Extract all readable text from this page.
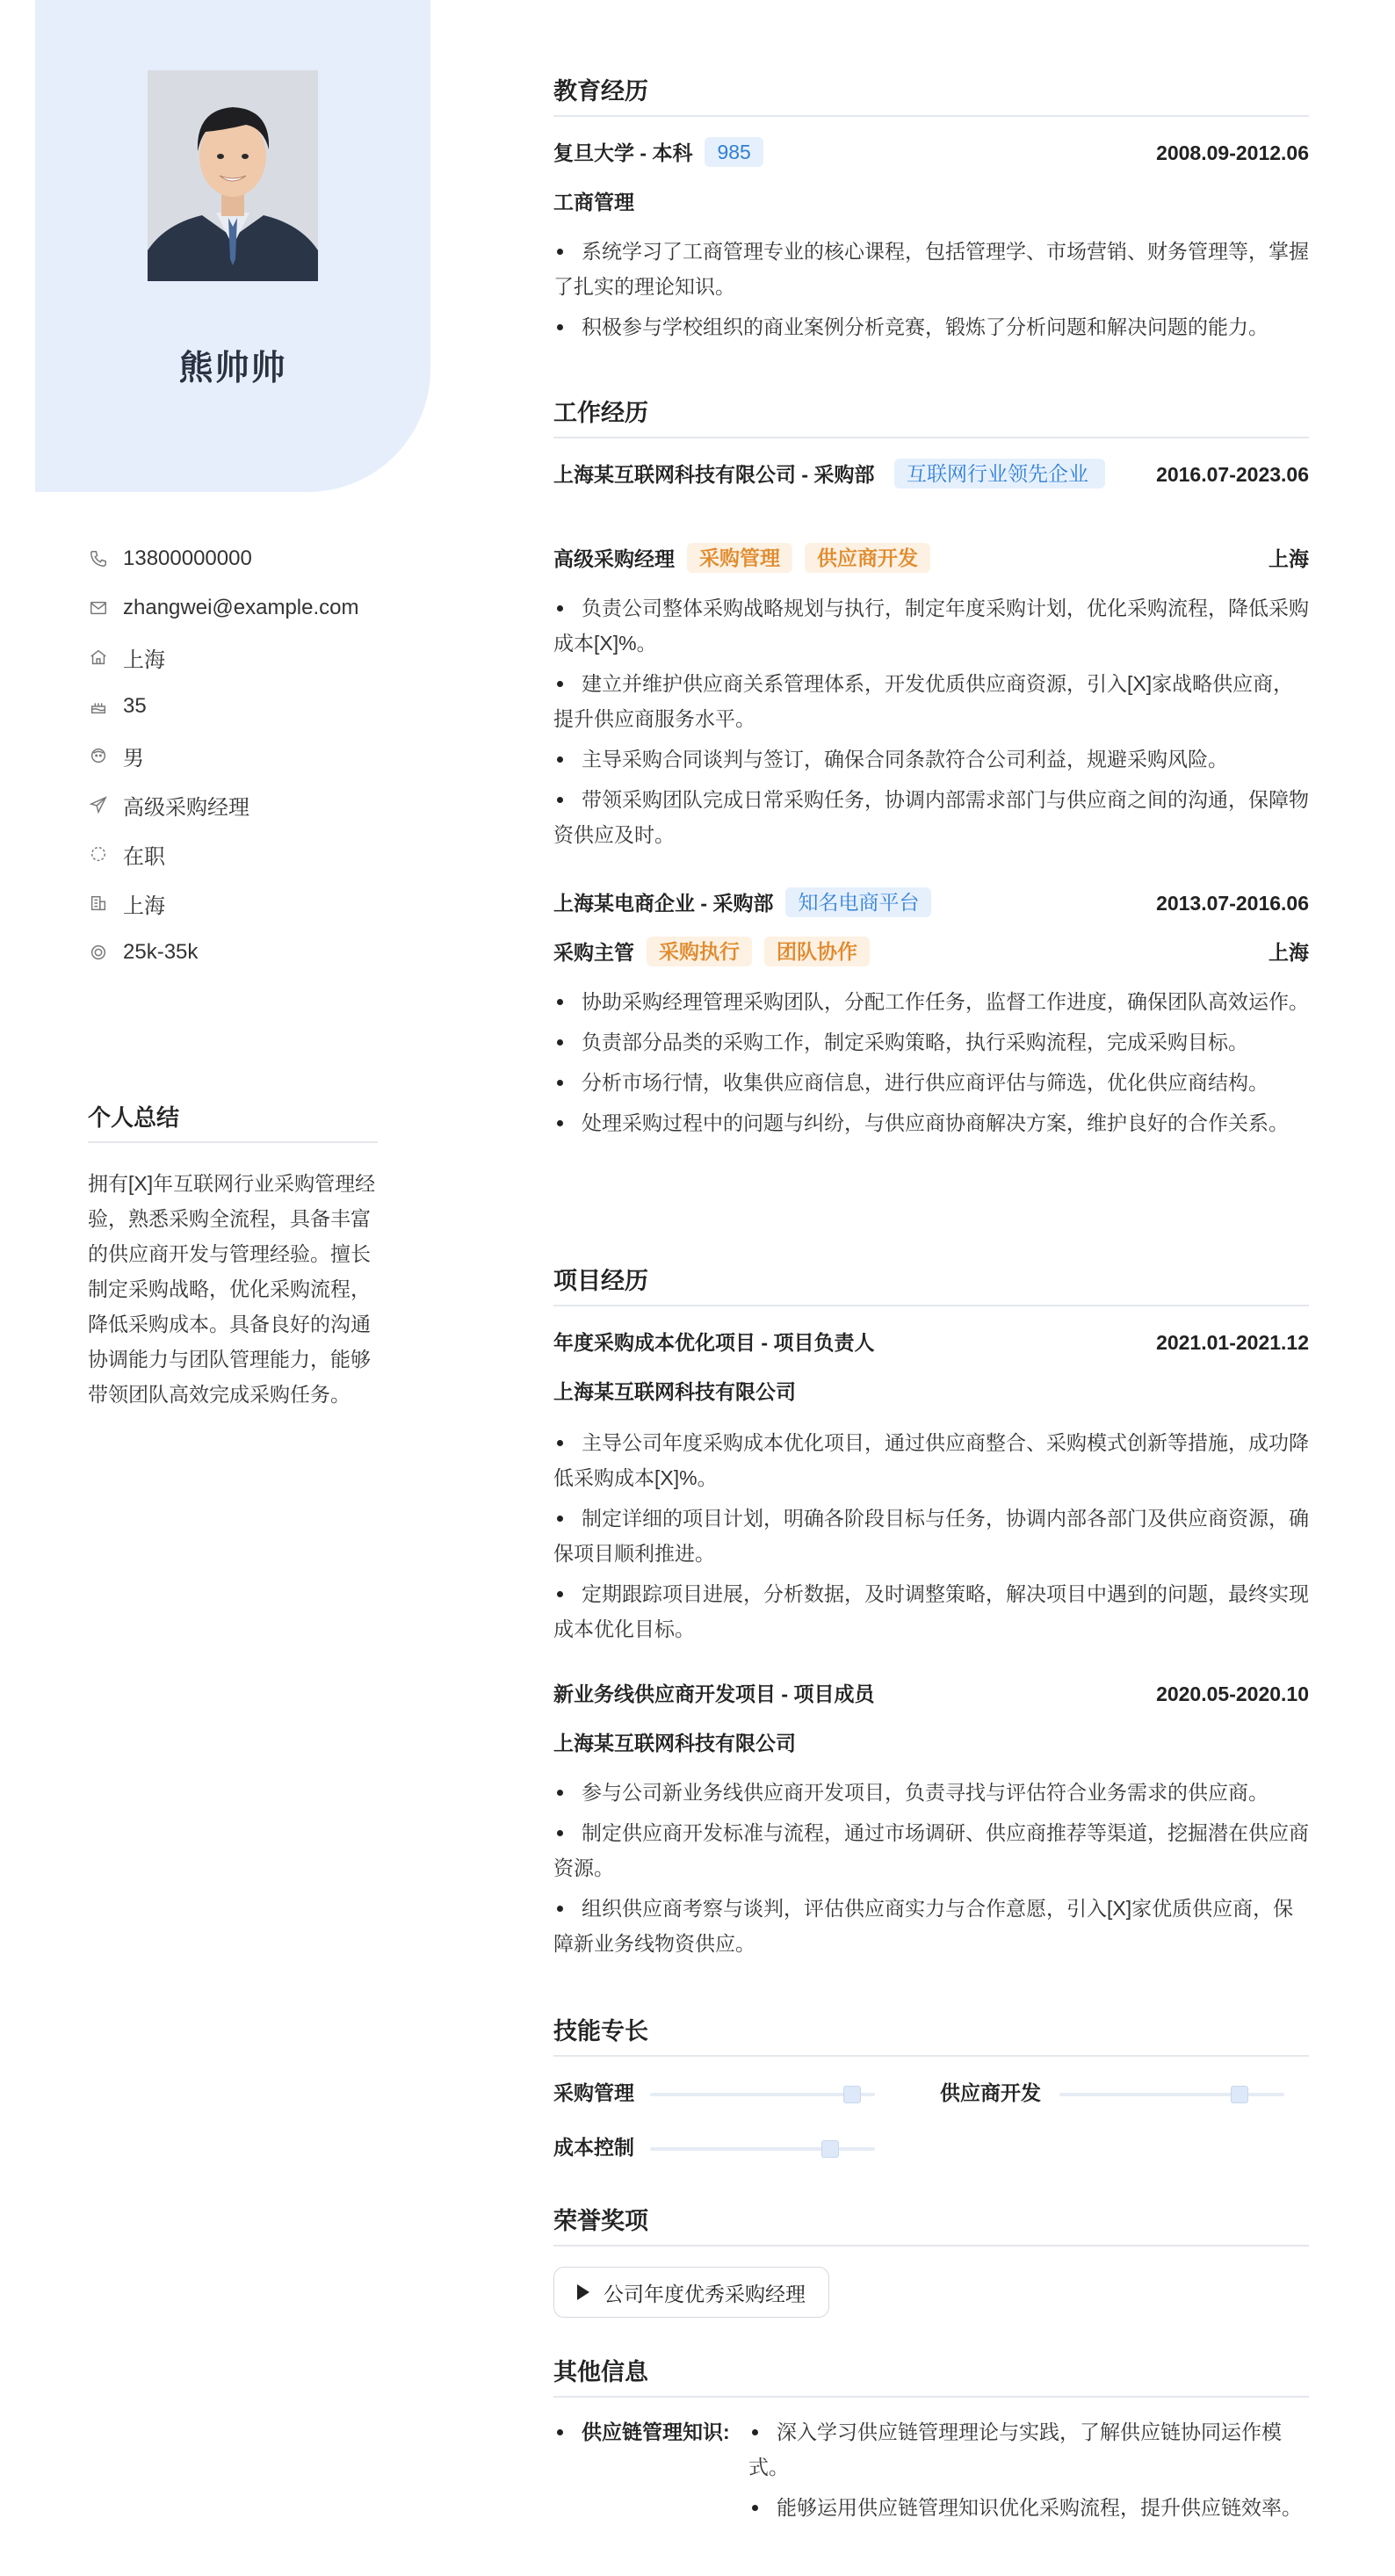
熊帅帅
13800000000
zhangwei@example.com
上海
35
男
高级采购经理
在职
上海
25k-35k
个人总结

拥有[X]年互联网行业采购管理经验，熟悉采购全流程，具备丰富的供应商开发与管理经验。擅长制定采购战略，优化采购流程，降低采购成本。具备良好的沟通协调能力与团队管理能力，能够带领团队高效完成采购任务。

教育经历
复旦大学 - 本科	985	2008.09-2012.06
工商管理
系统学习了工商管理专业的核心课程，包括管理学、市场营销、财务管理等，掌握了扎实的理论知识。
积极参与学校组织的商业案例分析竞赛，锻炼了分析问题和解决问题的能力。
工作经历
上海某互联网科技有限公司 - 采购部	互联网行业领先企业	2016.07-2023.06
高级采购经理	采购管理	供应商开发	上海
负责公司整体采购战略规划与执行，制定年度采购计划，优化采购流程，降低采购成本[X]%。
建立并维护供应商关系管理体系，开发优质供应商资源，引入[X]家战略供应商，提升供应商服务水平。
主导采购合同谈判与签订，确保合同条款符合公司利益，规避采购风险。
带领采购团队完成日常采购任务，协调内部需求部门与供应商之间的沟通，保障物资供应及时。
上海某电商企业 - 采购部	知名电商平台	2013.07-2016.06
采购主管	采购执行	团队协作	上海
协助采购经理管理采购团队，分配工作任务，监督工作进度，确保团队高效运作。
负责部分品类的采购工作，制定采购策略，执行采购流程，完成采购目标。
分析市场行情，收集供应商信息，进行供应商评估与筛选，优化供应商结构。
处理采购过程中的问题与纠纷，与供应商协商解决方案，维护良好的合作关系。
项目经历
年度采购成本优化项目 - 项目负责人	2021.01-2021.12
上海某互联网科技有限公司
主导公司年度采购成本优化项目，通过供应商整合、采购模式创新等措施，成功降低采购成本[X]%。
制定详细的项目计划，明确各阶段目标与任务，协调内部各部门及供应商资源，确保项目顺利推进。
定期跟踪项目进展，分析数据，及时调整策略，解决项目中遇到的问题，最终实现成本优化目标。
新业务线供应商开发项目 - 项目成员	2020.05-2020.10
上海某互联网科技有限公司
参与公司新业务线供应商开发项目，负责寻找与评估符合业务需求的供应商。
制定供应商开发标准与流程，通过市场调研、供应商推荐等渠道，挖掘潜在供应商资源。
组织供应商考察与谈判，评估供应商实力与合作意愿，引入[X]家优质供应商，保障新业务线物资供应。
技能专长
采购管理	供应商开发
成本控制
荣誉奖项
公司年度优秀采购经理
其他信息
供应链管理知识:	深入学习供应链管理理论与实践，了解供应链协同运作模式。
能够运用供应链管理知识优化采购流程，提升供应链效率。
